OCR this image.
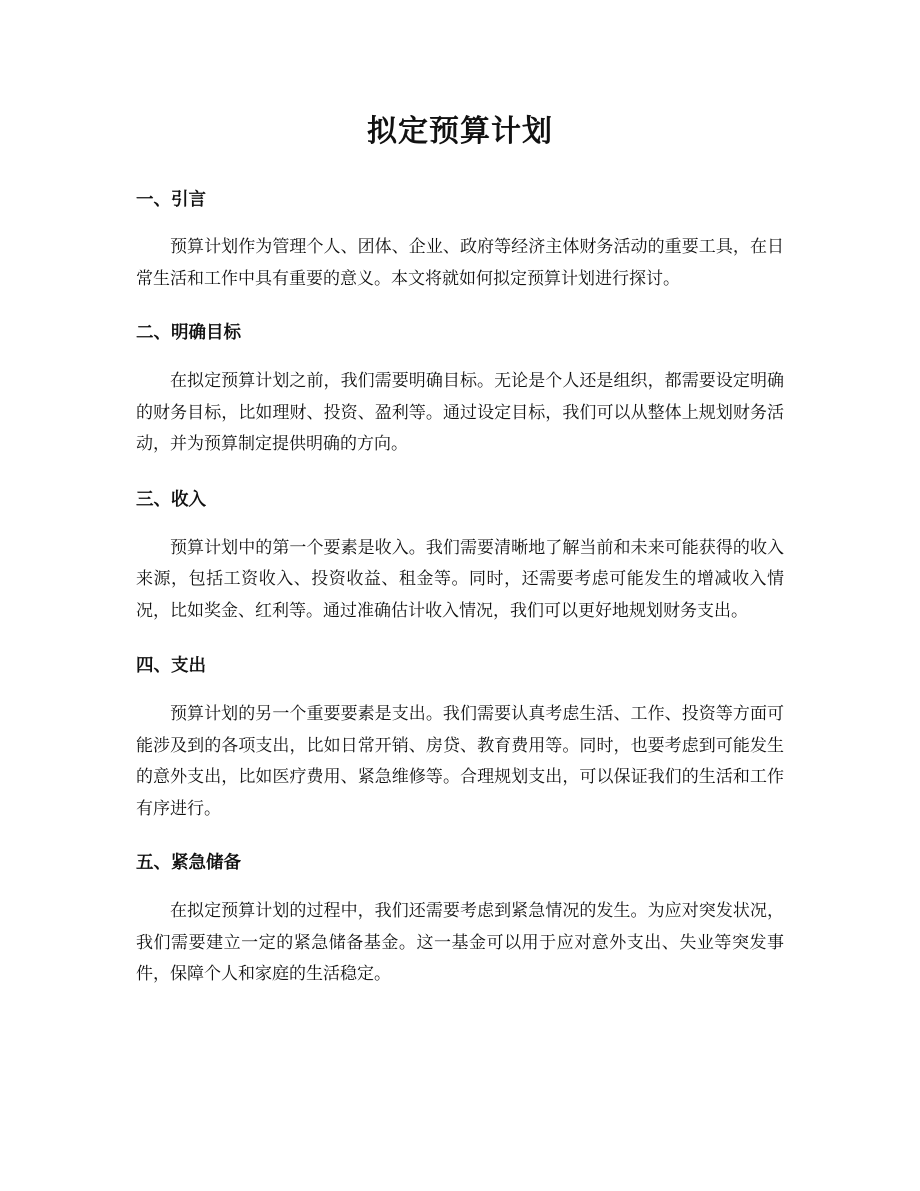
拟定预算计划
一、引言

预算计划作为管理个人、团体、企业、政府等经济主体财务活动的重要工具，在日常生活和工作中具有重要的意义。本文将就如何拟定预算计划进行探讨。

二、明确目标

在拟定预算计划之前，我们需要明确目标。无论是个人还是组织，都需要设定明确的财务目标，比如理财、投资、盈利等。通过设定目标，我们可以从整体上规划财务活动，并为预算制定提供明确的方向。

三、收入

预算计划中的第一个要素是收入。我们需要清晰地了解当前和未来可能获得的收入来源，包括工资收入、投资收益、租金等。同时，还需要考虑可能发生的增减收入情况，比如奖金、红利等。通过准确估计收入情况，我们可以更好地规划财务支出。

四、支出

预算计划的另一个重要要素是支出。我们需要认真考虑生活、工作、投资等方面可能涉及到的各项支出，比如日常开销、房贷、教育费用等。同时，也要考虑到可能发生的意外支出，比如医疗费用、紧急维修等。合理规划支出，可以保证我们的生活和工作有序进行。

五、紧急储备

在拟定预算计划的过程中，我们还需要考虑到紧急情况的发生。为应对突发状况，我们需要建立一定的紧急储备基金。这一基金可以用于应对意外支出、失业等突发事件，保障个人和家庭的生活稳定。
